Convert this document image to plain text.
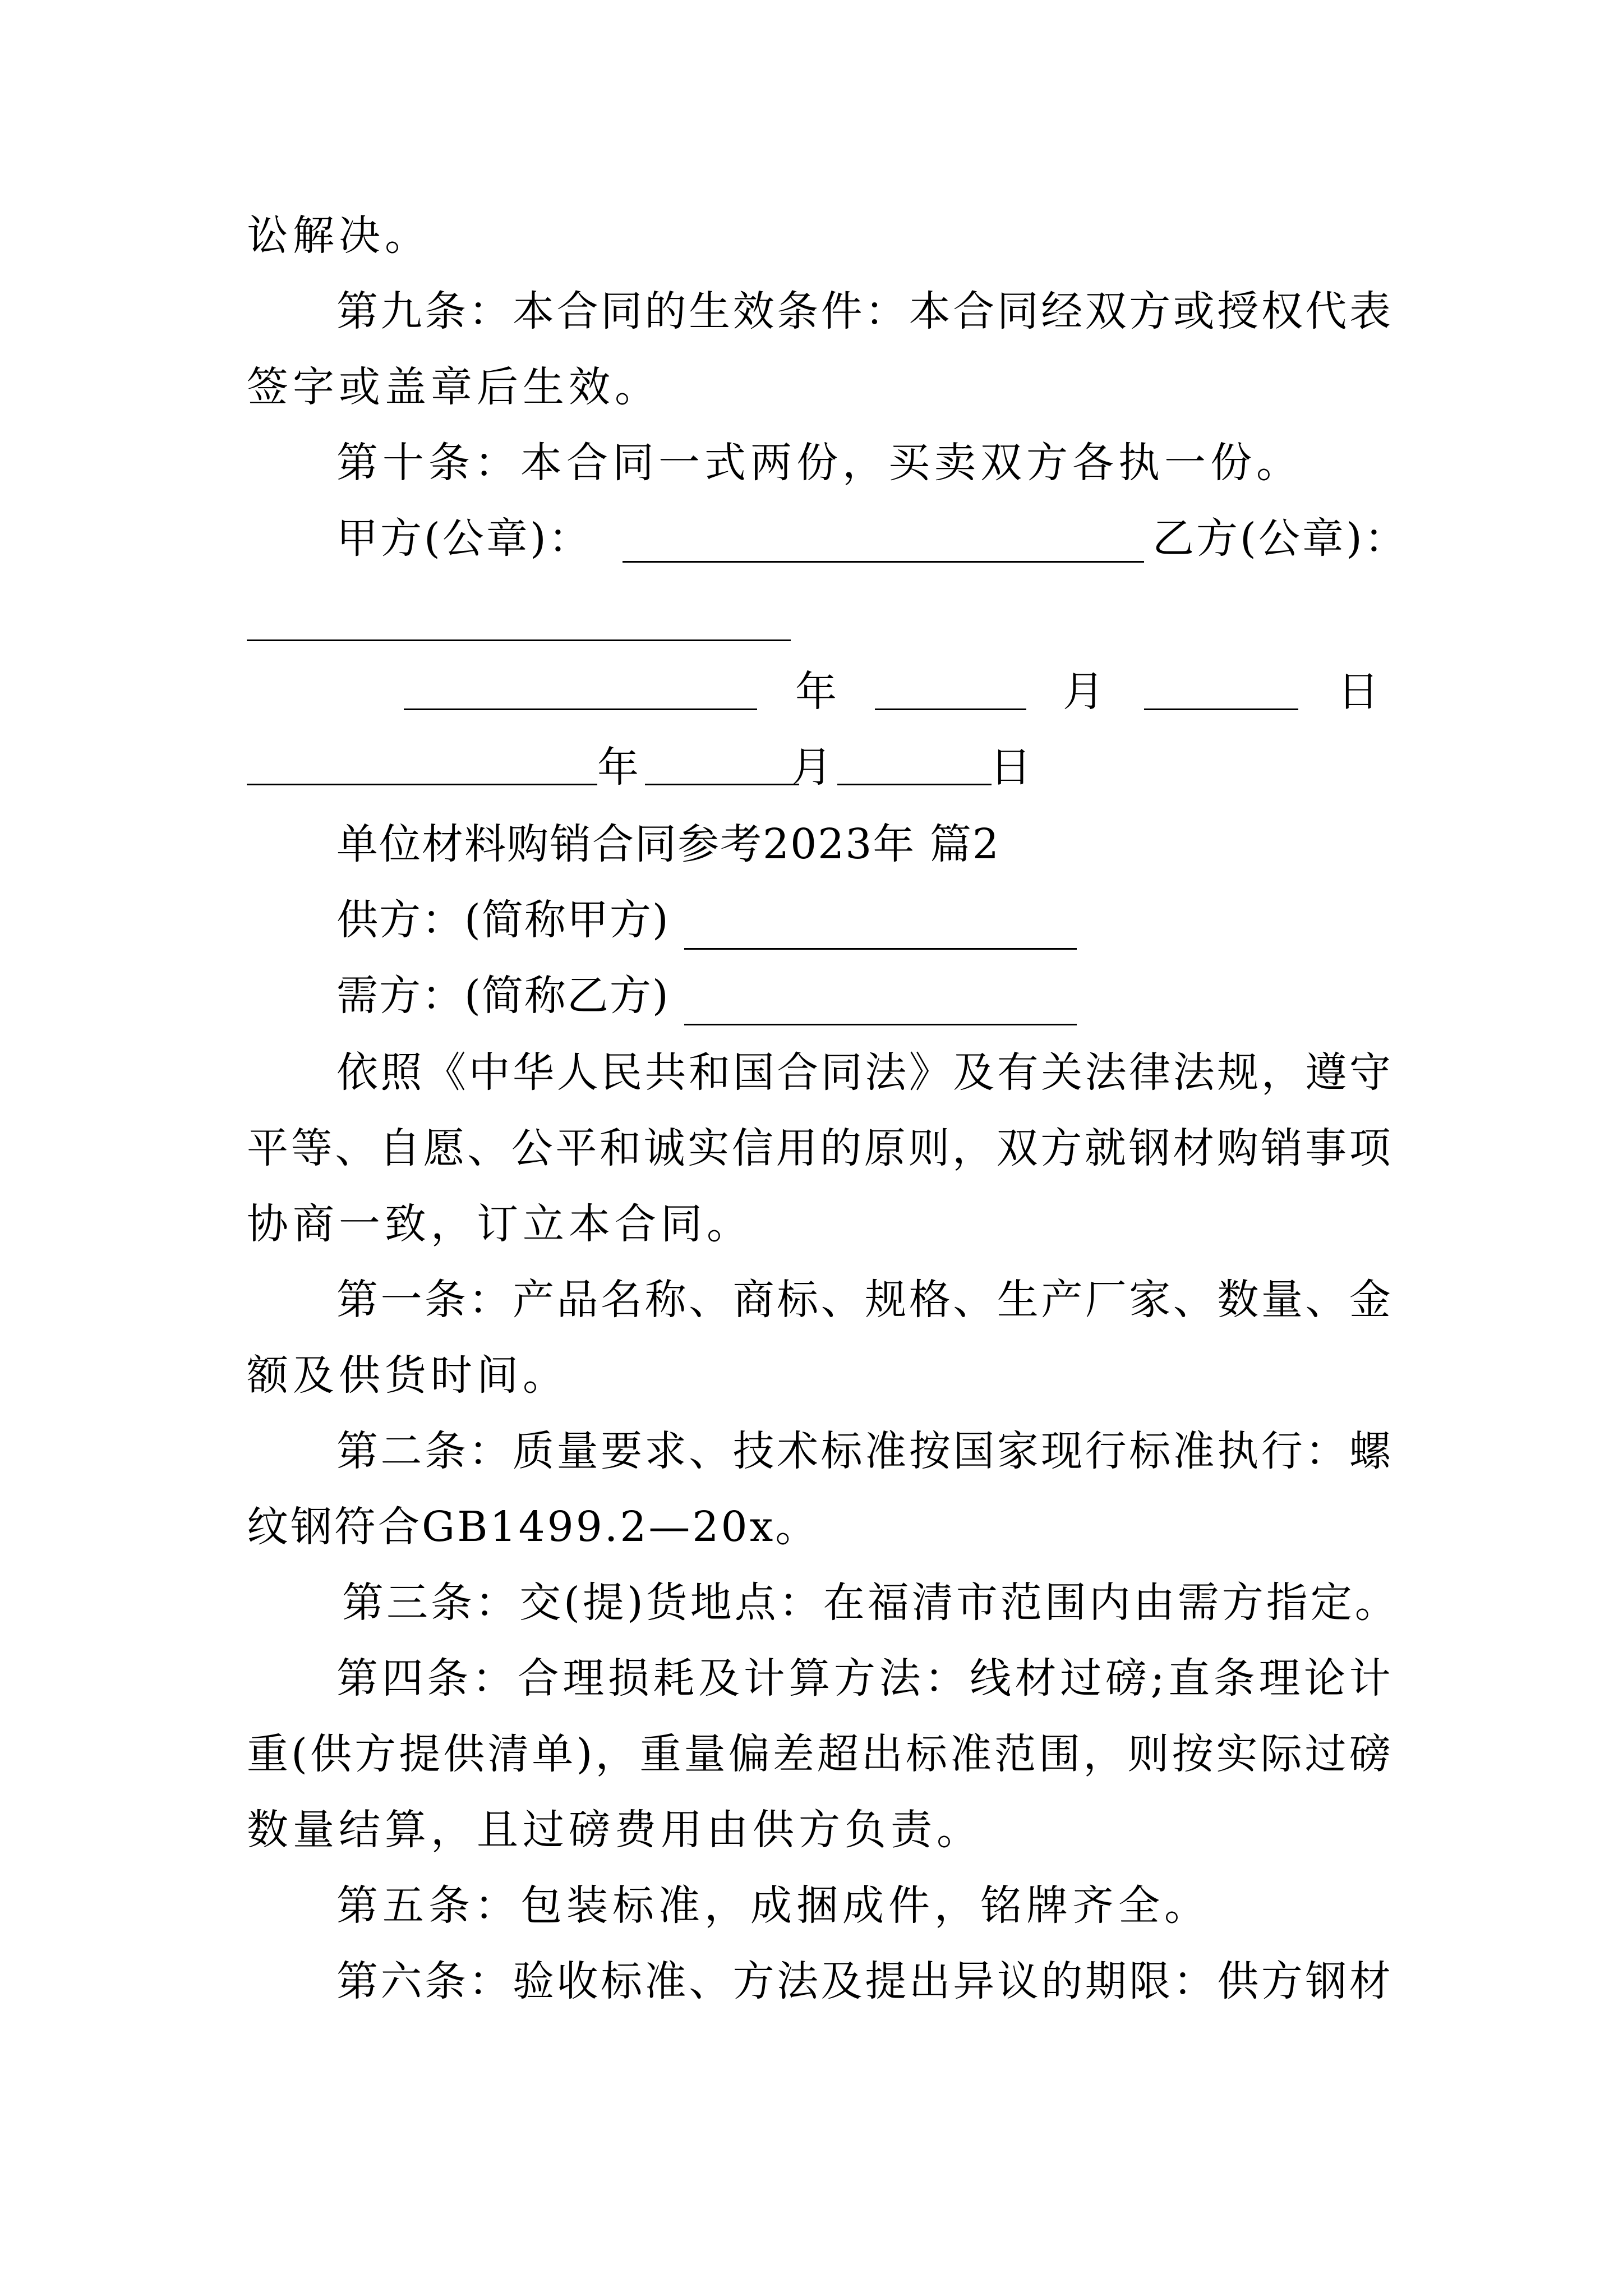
讼解决。
第 九 条 ： 本 合 同 的 生 效 条 件 ： 本 合 同 经 双 方 或 授 权 代 表
签字或盖章后生效。
第十条：本合同一式两份，买卖双方各执一份。
甲方(公章)：	乙方(公章)：
年	月	日
年	月	日
单位材料购销合同参考2023年 篇2
供方：(简称甲方)
需方：(简称乙方)
依 照 《 中 华 人 民 共 和 国 合 同 法 》 及 有 关 法 律 法 规 ， 遵 守
平 等 、 自 愿 、 公 平 和 诚 实 信 用 的 原 则 ， 双 方 就 钢 材 购 销 事 项
协商一致，订立本合同。
第 一 条 ： 产 品 名 称 、 商 标 、 规 格 、 生 产 厂 家 、 数 量 、 金
额及供货时间。
第 二 条 ： 质 量 要 求 、 技 术 标 准 按 国 家 现 行 标 准 执 行 ： 螺
纹钢符合GB1499.2—20x。
第 三 条 ： 交 ( 提 ) 货 地 点 ： 在 福 清 市 范 围 内 由 需 方 指 定 。
第 四 条 ： 合 理 损 耗 及 计 算 方 法 ： 线 材 过 磅 ; 直 条 理 论 计
重 ( 供 方 提 供 清 单 ) ， 重 量 偏 差 超 出 标 准 范 围 ， 则 按 实 际 过 磅
数量结算，且过磅费用由供方负责。
第五条：包装标准，成捆成件，铭牌齐全。
第 六 条 ： 验 收 标 准 、 方 法 及 提 出 异 议 的 期 限 ： 供 方 钢 材
